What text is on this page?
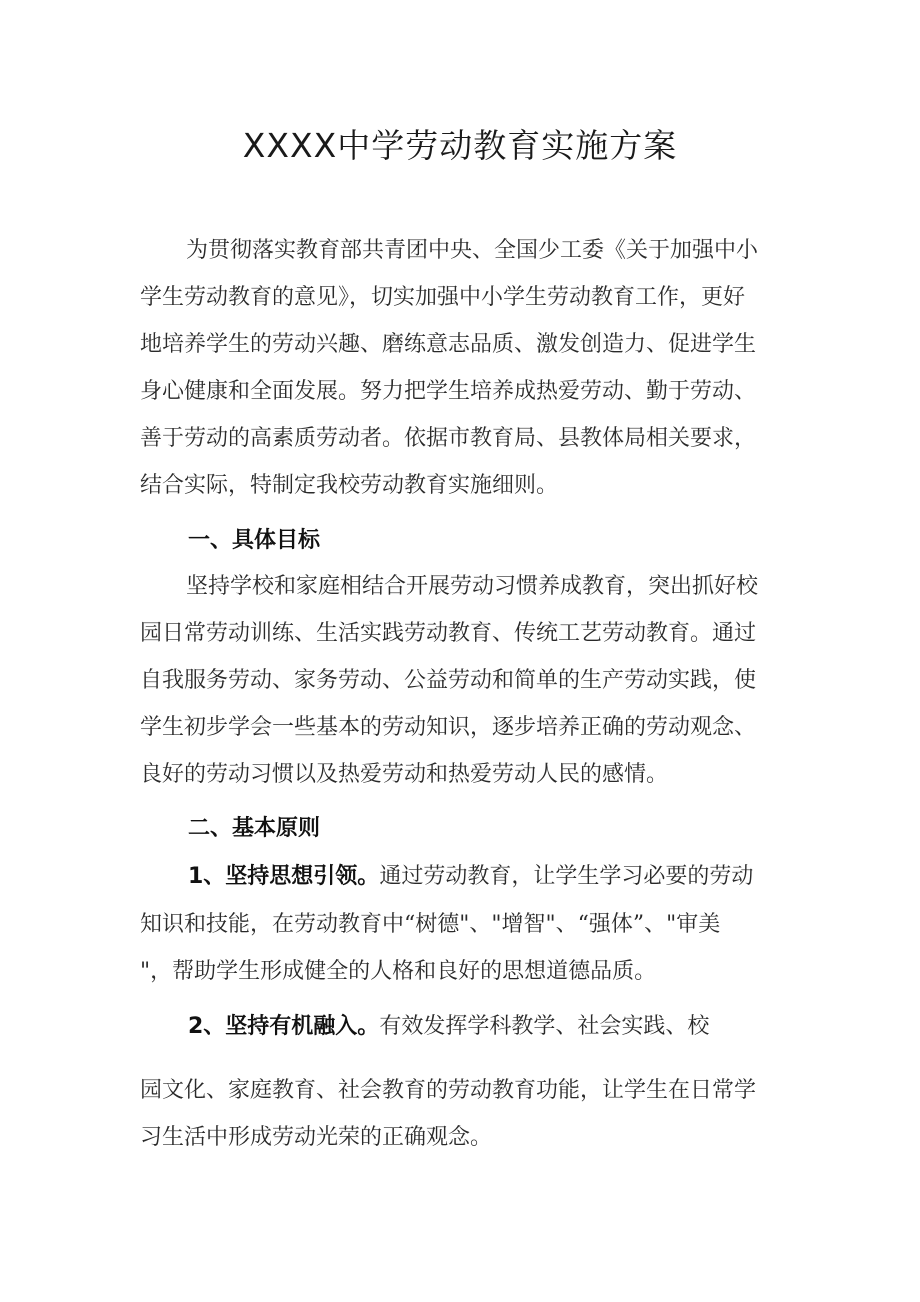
XXXX中学劳动教育实施方案
为贯彻落实教育部共青团中央、全国少工委《关于加强中小
学生劳动教育的意见》，切实加强中小学生劳动教育工作，更好
地培养学生的劳动兴趣、磨练意志品质、激发创造力、促进学生
身心健康和全面发展。努力把学生培养成热爱劳动、勤于劳动、
善于劳动的高素质劳动者。依据市教育局、县教体局相关要求，
结合实际，特制定我校劳动教育实施细则。
一、具体目标
坚持学校和家庭相结合开展劳动习惯养成教育，突出抓好校
园日常劳动训练、生活实践劳动教育、传统工艺劳动教育。通过
自我服务劳动、家务劳动、公益劳动和简单的生产劳动实践，使
学生初步学会一些基本的劳动知识，逐步培养正确的劳动观念、
良好的劳动习惯以及热爱劳动和热爱劳动人民的感情。
二、基本原则
1、坚持思想引领。通过劳动教育，让学生学习必要的劳动
知识和技能，在劳动教育中“树德"、"增智"、“强体”、"审美
"，帮助学生形成健全的人格和良好的思想道德品质。
2、坚持有机融入。有效发挥学科教学、社会实践、校
园文化、家庭教育、社会教育的劳动教育功能，让学生在日常学
习生活中形成劳动光荣的正确观念。
